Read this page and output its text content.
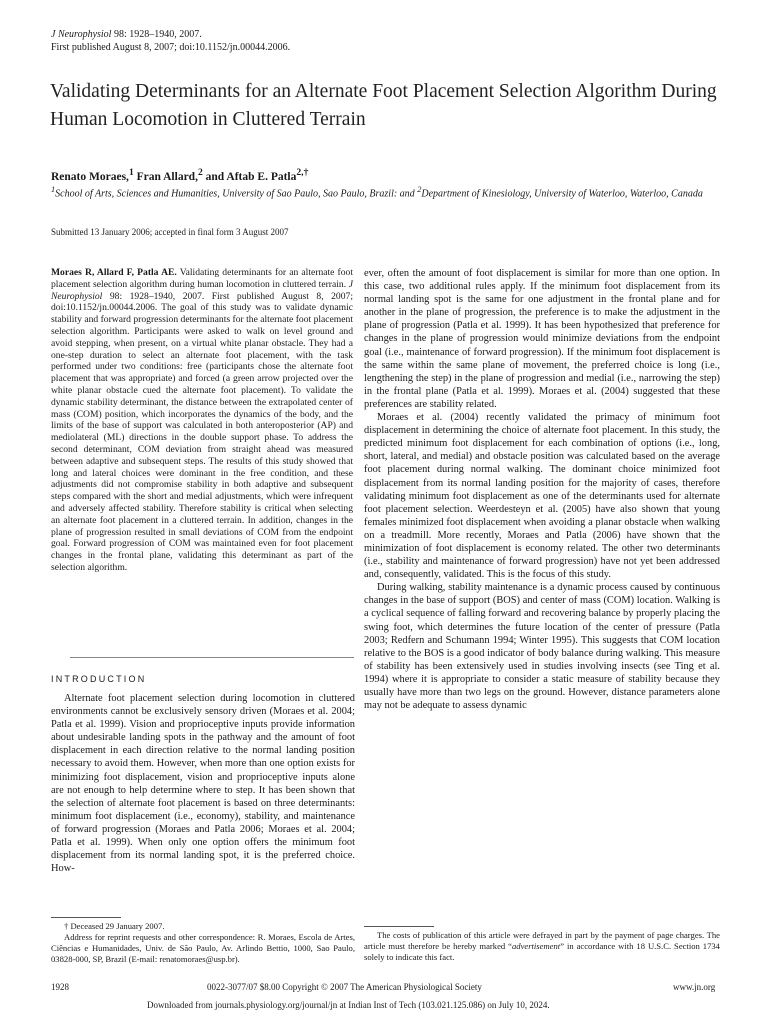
J Neurophysiol 98: 1928–1940, 2007.
First published August 8, 2007; doi:10.1152/jn.00044.2006.
Validating Determinants for an Alternate Foot Placement Selection Algorithm During Human Locomotion in Cluttered Terrain
Renato Moraes,$^1$ Fran Allard,$^2$ and Aftab E. Patla$^{2,\dagger}$
$^1$School of Arts, Sciences and Humanities, University of Sao Paulo, Sao Paulo, Brazil: and $^2$Department of Kinesiology, University of Waterloo, Waterloo, Canada
Submitted 13 January 2006; accepted in final form 3 August 2007

Moraes R, Allard F, Patla AE. Validating determinants for an alternate foot placement selection algorithm during human locomotion in cluttered terrain. J Neurophysiol 98: 1928–1940, 2007. First published August 8, 2007; doi:10.1152/jn.00044.2006. The goal of this study was to validate dynamic stability and forward progression determinants for the alternate foot placement selection algorithm. Participants were asked to walk on level ground and avoid stepping, when present, on a virtual white planar obstacle. They had a one-step duration to select an alternate foot placement, with the task performed under two conditions: free (participants chose the alternate foot placement that was appropriate) and forced (a green arrow projected over the white planar obstacle cued the alternate foot placement). To validate the dynamic stability determinant, the distance between the extrapolated center of mass (COM) position, which incorporates the dynamics of the body, and the limits of the base of support was calculated in both anteroposterior (AP) and mediolateral (ML) directions in the double support phase. To address the second determinant, COM deviation from straight ahead was measured between adaptive and subsequent steps. The results of this study showed that long and lateral choices were dominant in the free condition, and these adjustments did not compromise stability in both adaptive and subsequent steps compared with the short and medial adjustments, which were infrequent and adversely affected stability. Therefore stability is critical when selecting an alternate foot placement in a cluttered terrain. In addition, changes in the plane of progression resulted in small deviations of COM from the endpoint goal. Forward progression of COM was maintained even for foot placement changes in the frontal plane, validating this determinant as part of the selection algorithm.

INTRODUCTION

Alternate foot placement selection during locomotion in cluttered environments cannot be exclusively sensory driven (Moraes et al. 2004; Patla et al. 1999). Vision and proprioceptive inputs provide information about undesirable landing spots in the pathway and the amount of foot displacement in each direction relative to the normal landing position necessary to avoid them. However, when more than one option exists for minimizing foot displacement, vision and proprioceptive inputs alone are not enough to help determine where to step. It has been shown that the selection of alternate foot placement is based on three determinants: minimum foot displacement (i.e., economy), stability, and maintenance of forward progression (Moraes and Patla 2006; Moraes et al. 2004; Patla et al. 1999). When only one option offers the minimum foot displacement from its normal landing spot, it is the preferred choice. How-

ever, often the amount of foot displacement is similar for more than one option. In this case, two additional rules apply. If the minimum foot displacement from its normal landing spot is the same for one adjustment in the frontal plane and for another in the plane of progression, the preference is to make the adjustment in the plane of progression (Patla et al. 1999). It has been hypothesized that preference for changes in the plane of progression would minimize deviations from the endpoint goal (i.e., maintenance of forward progression). If the minimum foot displacement is the same within the same plane of movement, the preferred choice is long (i.e., lengthening the step) in the plane of progression and medial (i.e., narrowing the step) in the frontal plane (Patla et al. 1999). Moraes et al. (2004) suggested that these preferences are stability related.

Moraes et al. (2004) recently validated the primacy of minimum foot displacement in determining the choice of alternate foot placement. In this study, the predicted minimum foot displacement for each combination of options (i.e., long, short, lateral, and medial) and obstacle position was calculated based on the average foot placement during normal walking. The dominant choice minimized foot displacement from its normal landing position for the majority of cases, therefore validating minimum foot displacement as one of the determinants used for alternate foot placement selection. Weerdesteyn et al. (2005) have also shown that young females minimized foot displacement when avoiding a planar obstacle when walking on a treadmill. More recently, Moraes and Patla (2006) have shown that the minimization of foot displacement is economy related. The other two determinants (i.e., stability and maintenance of forward progression) have not yet been addressed and, consequently, validated. This is the focus of this study.

During walking, stability maintenance is a dynamic process caused by continuous changes in the base of support (BOS) and center of mass (COM) location. Walking is a cyclical sequence of falling forward and recovering balance by properly placing the swing foot, which determines the future location of the center of pressure (Patla 2003; Redfern and Schumann 1994; Winter 1995). This suggests that COM location relative to the BOS is a good indicator of body balance during walking. This measure of stability has been extensively used in studies involving insects (see Ting et al. 1994) where it is appropriate to consider a static measure of stability because they usually have more than two legs on the ground. However, distance parameters alone may not be adequate to assess dynamic

† Deceased 29 January 2007.
Address for reprint requests and other correspondence: R. Moraes, Escola de Artes, Ciências e Humanidades, Univ. de São Paulo, Av. Arlindo Bettio, 1000, Sao Paulo, 03828-000, SP, Brazil (E-mail: renatomoraes@usp.br).
The costs of publication of this article were defrayed in part by the payment of page charges. The article must therefore be hereby marked “advertisement” in accordance with 18 U.S.C. Section 1734 solely to indicate this fact.
1928	0022-3077/07 $8.00 Copyright © 2007 The American Physiological Society	www.jn.org
Downloaded from journals.physiology.org/journal/jn at Indian Inst of Tech (103.021.125.086) on July 10, 2024.
